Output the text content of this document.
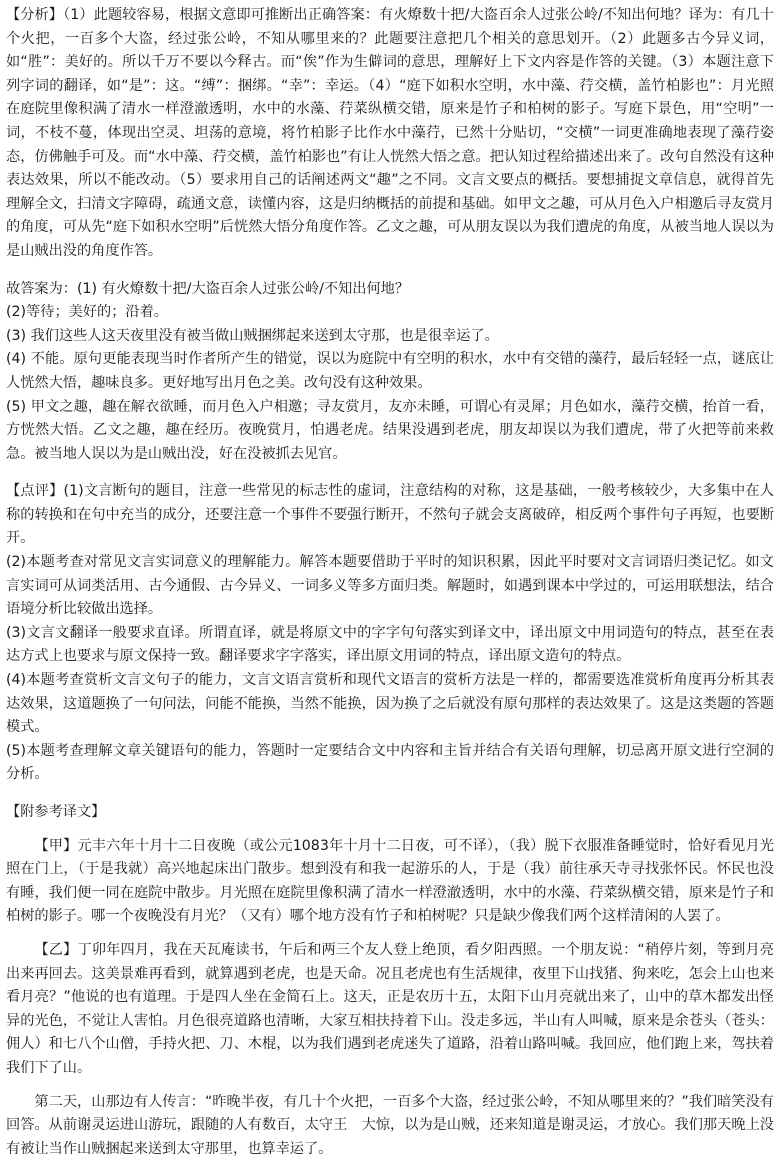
【分析】（1）此题较容易，根据文意即可推断出正确答案：有火燎数十把/大盗百余人过张公岭/不知出何地？译为：有几十个火把，一百多个大盗，经过张公岭，不知从哪里来的？此题要注意把几个相关的意思划开。（2）此题多古今异义词，如“胜”：美好的。所以千万不要以今释古。而“俟”作为生僻词的意思，理解好上下文内容是作答的关键。（3）本题注意下列字词的翻译，如“是”：这。“缚”：捆绑。“幸”：幸运。（4）“庭下如积水空明，水中藻、荇交横，盖竹柏影也”：月光照在庭院里像积满了清水一样澄澈透明，水中的水藻、荇菜纵横交错，原来是竹子和柏树的影子。写庭下景色，用“空明”一词，不枝不蔓，体现出空灵、坦荡的意境，将竹柏影子比作水中藻荇，已然十分贴切，“交横”一词更准确地表现了藻荇姿态，仿佛触手可及。而“水中藻、荇交横，盖竹柏影也”有让人恍然大悟之意。把认知过程给描述出来了。改句自然没有这种表达效果，所以不能改动。（5）要求用自己的话阐述两文“趣”之不同。文言文要点的概括。要想捕捉文章信息，就得首先理解全文，扫清文字障碍，疏通文意，读懂内容，这是归纳概括的前提和基础。如甲文之趣，可从月色入户相邀后寻友赏月的角度，可从先“庭下如积水空明”后恍然大悟分角度作答。乙文之趣，可从朋友误以为我们遭虎的角度，从被当地人误以为是山贼出没的角度作答。

故答案为：(1) 有火燎数十把/大盗百余人过张公岭/不知出何地？

(2)等待；美好的；沿着。

(3) 我们这些人这天夜里没有被当做山贼捆绑起来送到太守那，也是很幸运了。

(4) 不能。原句更能表现当时作者所产生的错觉，误以为庭院中有空明的积水，水中有交错的藻荇，最后轻轻一点，谜底让人恍然大悟，趣味良多。更好地写出月色之美。改句没有这种效果。

(5) 甲文之趣，趣在解衣欲睡，而月色入户相邀；寻友赏月，友亦未睡，可谓心有灵犀；月色如水，藻荇交横，抬首一看，方恍然大悟。乙文之趣，趣在经历。夜晚赏月，怕遇老虎。结果没遇到老虎，朋友却误以为我们遭虎，带了火把等前来救急。被当地人误以为是山贼出没，好在没被抓去见官。

【点评】(1)文言断句的题目，注意一些常见的标志性的虚词，注意结构的对称，这是基础，一般考核较少，大多集中在人称的转换和在句中充当的成分，还要注意一个事件不要强行断开，不然句子就会支离破碎，相反两个事件句子再短，也要断开。

(2)本题考查对常见文言实词意义的理解能力。解答本题要借助于平时的知识积累，因此平时要对文言词语归类记忆。如文言实词可从词类活用、古今通假、古今异义、一词多义等多方面归类。解题时，如遇到课本中学过的，可运用联想法，结合语境分析比较做出选择。

(3)文言文翻译一般要求直译。所谓直译，就是将原文中的字字句句落实到译文中，译出原文中用词造句的特点，甚至在表达方式上也要求与原文保持一致。翻译要求字字落实，译出原文用词的特点，译出原文造句的特点。

(4)本题考查赏析文言文句子的能力，文言文语言赏析和现代文语言的赏析方法是一样的，都需要选准赏析角度再分析其表达效果，这道题换了一句问法，问能不能换，当然不能换，因为换了之后就没有原句那样的表达效果了。这是这类题的答题模式。

(5)本题考查理解文章关键语句的能力，答题时一定要结合文中内容和主旨并结合有关语句理解，切忌离开原文进行空洞的分析。

【附参考译文】

【甲】元丰六年十月十二日夜晚（或公元1083年十月十二日夜，可不译），（我）脱下衣服准备睡觉时，恰好看见月光照在门上，（于是我就）高兴地起床出门散步。想到没有和我一起游乐的人，于是（我）前往承天寺寻找张怀民。怀民也没有睡，我们便一同在庭院中散步。月光照在庭院里像积满了清水一样澄澈透明，水中的水藻、荇菜纵横交错，原来是竹子和柏树的影子。哪一个夜晚没有月光？（又有）哪个地方没有竹子和柏树呢？只是缺少像我们两个这样清闲的人罢了。

【乙】丁卯年四月，我在天瓦庵读书，午后和两三个友人登上绝顶，看夕阳西照。一个朋友说：“稍停片刻，等到月亮出来再回去。这美景难再看到，就算遇到老虎，也是天命。况且老虎也有生活规律，夜里下山找猪、狗来吃，怎会上山也来看月亮？”他说的也有道理。于是四人坐在金简石上。这天，正是农历十五，太阳下山月亮就出来了，山中的草木都发出怪异的光色，不觉让人害怕。月色很亮道路也清晰，大家互相扶持着下山。没走多远，半山有人叫喊，原来是余苍头（苍头：佣人）和七八个山僧，手持火把、刀、木棍，以为我们遇到老虎迷失了道路，沿着山路叫喊。我回应，他们跑上来，驾扶着我们下了山。

第二天，山那边有人传言：“昨晚半夜，有几十个火把，一百多个大盗，经过张公岭，不知从哪里来的？”我们暗笑没有回答。从前谢灵运进山游玩，跟随的人有数百，太守王　大惊，以为是山贼，还来知道是谢灵运，才放心。我们那天晚上没有被让当作山贼捆起来送到太守那里，也算幸运了。
